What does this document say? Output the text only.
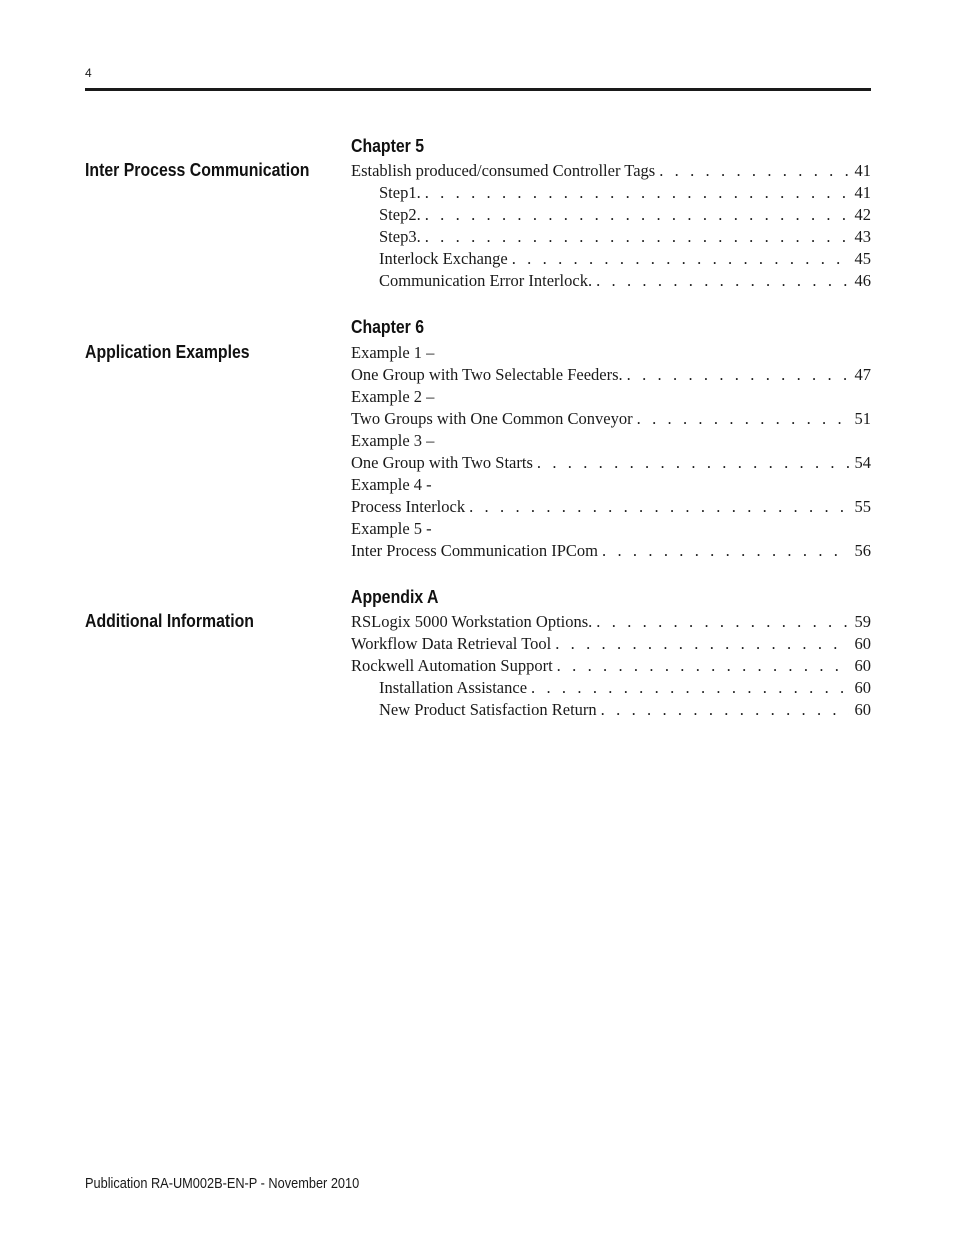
4
Chapter 5
Inter Process Communication	Establish produced/consumed Controller Tags . . .	41
Step1. . . .	41
Step2. . . .	42
Step3. . . .	43
Interlock Exchange . . .	45
Communication Error Interlock. . . .	46
Chapter 6
Application Examples	Example 1 –
One Group with Two Selectable Feeders. . . .	47
Example 2 –
Two Groups with One Common Conveyor . . .	51
Example 3 –
One Group with Two Starts . . .	54
Example 4 -
Process Interlock . . .	55
Example 5 -
Inter Process Communication IPCom . . .	56
Appendix A
Additional Information	RSLogix 5000 Workstation Options. . . .	59
Workflow Data Retrieval Tool . . .	60
Rockwell Automation Support . . .	60
Installation Assistance . . .	60
New Product Satisfaction Return . . .	60
Publication RA-UM002B-EN-P - November 2010
